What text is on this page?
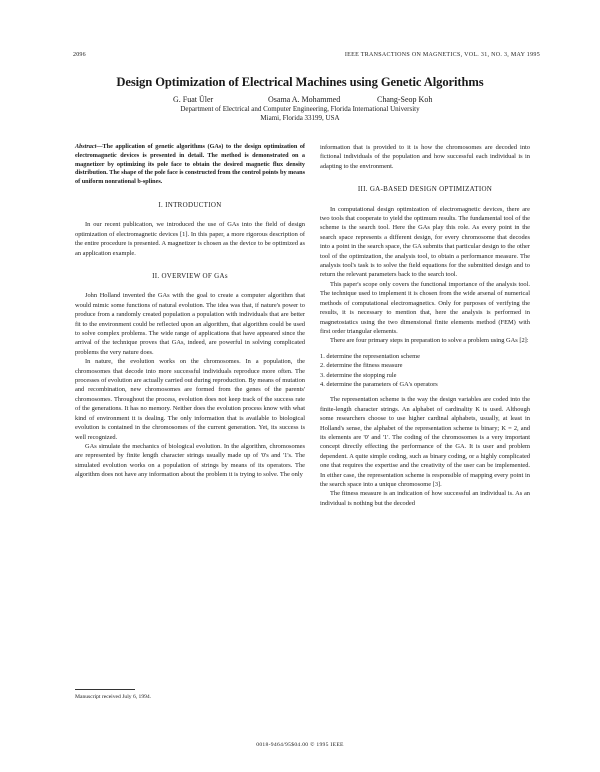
2096	IEEE TRANSACTIONS ON MAGNETICS, VOL. 31, NO. 3, MAY 1995
Design Optimization of Electrical Machines using Genetic Algorithms
G. Fuat Üler	Osama A. Mohammed	Chang-Seop Koh
Department of Electrical and Computer Engineering, Florida International University
Miami, Florida 33199, USA

Abstract—The application of genetic algorithms (GAs) to the design optimization of electromagnetic devices is presented in detail. The method is demonstrated on a magnetizer by optimizing its pole face to obtain the desired magnetic flux density distribution. The shape of the pole face is constructed from the control points by means of uniform nonrational b-splines.

I. INTRODUCTION

In our recent publication, we introduced the use of GAs into the field of design optimization of electromagnetic devices [1]. In this paper, a more rigorous description of the entire procedure is presented. A magnetizer is chosen as the device to be optimized as an application example.

II. OVERVIEW OF GAs

John Holland invented the GAs with the goal to create a computer algorithm that would mimic some functions of natural evolution. The idea was that, if nature's power to produce from a randomly created population a population with individuals that are better fit to the environment could be reflected upon an algorithm, that algorithm could be used to solve complex problems. The wide range of applications that have appeared since the arrival of the technique proves that GAs, indeed, are powerful in solving complicated problems the very nature does.

In nature, the evolution works on the chromosomes. In a population, the chromosomes that decode into more successful individuals reproduce more often. The processes of evolution are actually carried out during reproduction. By means of mutation and recombination, new chromosomes are formed from the genes of the parents' chromosomes. Throughout the process, evolution does not keep track of the success rate of the generations. It has no memory. Neither does the evolution process know with what kind of environment it is dealing. The only information that is available to biological evolution is contained in the chromosomes of the current generation. Yet, its success is well recognized.

GAs simulate the mechanics of biological evolution. In the algorithm, chromosomes are represented by finite length character strings usually made up of '0's and '1's. The simulated evolution works on a population of strings by means of its operators. The algorithm does not have any information about the problem it is trying to solve. The only

information that is provided to it is how the chromosomes are decoded into fictional individuals of the population and how successful each individual is in adapting to the environment.

III. GA-BASED DESIGN OPTIMIZATION

In computational design optimization of electromagnetic devices, there are two tools that cooperate to yield the optimum results. The fundamental tool of the scheme is the search tool. Here the GAs play this role. As every point in the search space represents a different design, for every chromosome that decodes into a point in the search space, the GA submits that particular design to the other tool of the optimization, the analysis tool, to obtain a performance measure. The analysis tool's task is to solve the field equations for the submitted design and to return the relevant parameters back to the search tool.

This paper's scope only covers the functional importance of the analysis tool. The technique used to implement it is chosen from the wide arsenal of numerical methods of computational electromagnetics. Only for purposes of verifying the results, it is necessary to mention that, here the analysis is performed in magnetostatics using the two dimensional finite elements method (FEM) with first order triangular elements.

There are four primary steps in preparation to solve a problem using GAs [2]:

1. determine the representation scheme
2. determine the fitness measure
3. determine the stopping rule
4. determine the parameters of GA's operators

The representation scheme is the way the design variables are coded into the finite-length character strings. An alphabet of cardinality K is used. Although some researchers choose to use higher cardinal alphabets, usually, at least in Holland's sense, the alphabet of the representation scheme is binary; K = 2, and its elements are '0' and '1'. The coding of the chromosomes is a very important concept directly effecting the performance of the GA. It is user and problem dependent. A quite simple coding, such as binary coding, or a highly complicated one that requires the expertise and the creativity of the user can be implemented. In either case, the representation scheme is responsible of mapping every point in the search space into a unique chromosome [3].

The fitness measure is an indication of how successful an individual is. As an individual is nothing but the decoded

Manuscript received July 6, 1994.
0018-9464/95$04.00 © 1995 IEEE
